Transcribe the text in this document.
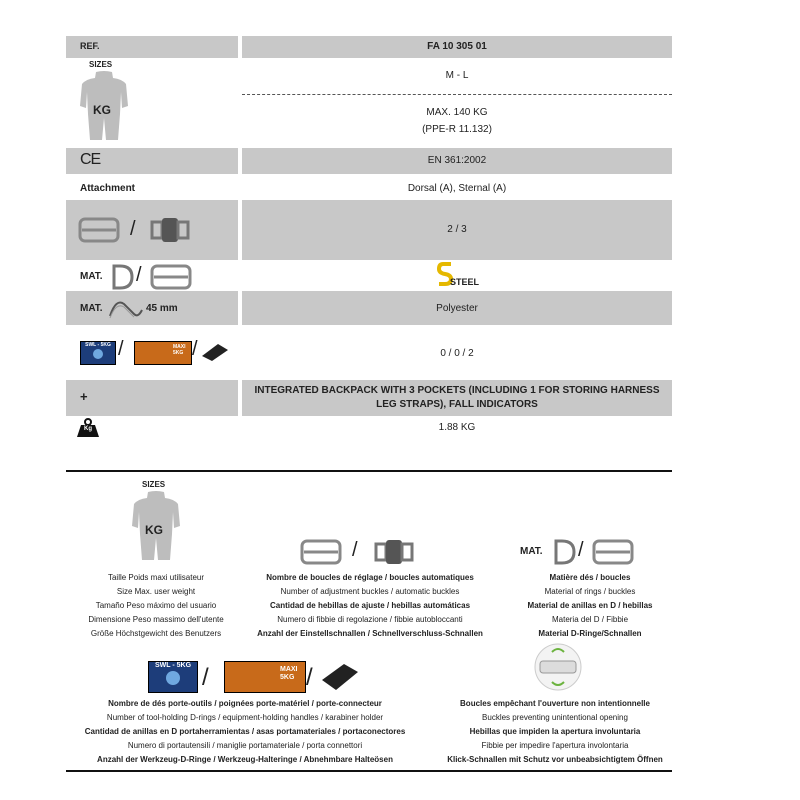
REF.	FA 10 305 01
SIZES
KG
M - L
MAX. 140 KG
(PPE-R 11.132)
CE	EN 361:2002
Attachment	Dorsal (A), Sternal (A)
/	2 / 3
MAT. /	STEEL
MAT.	45 mm	Polyester
SWL - 5KG /	MAXI 5KG /	0 / 0 / 2
+	INTEGRATED BACKPACK WITH 3 POCKETS (INCLUDING 1 FOR STORING HARNESS LEG STRAPS), FALL INDICATORS
Kg	1.88 KG
SIZES
KG
Taille Poids maxi utilisateur
Size Max. user weight
Tamaño Peso máximo del usuario
Dimensione Peso massimo dell'utente
Größe Höchstgewicht des Benutzers
/
Nombre de boucles de réglage / boucles automatiques
Number of adjustment buckles / automatic buckles
Cantidad de hebillas de ajuste / hebillas automáticas
Numero di fibbie di regolazione / fibbie autobloccanti
Anzahl der Einstellschnallen / Schnellverschluss-Schnallen
MAT. /
Matière dés / boucles
Material of rings / buckles
Material de anillas en D / hebillas
Materia del D / Fibbie
Material D-Ringe/Schnallen
SWL - 5KG /	MAXI 5KG /
Nombre de dés porte-outils / poignées porte-matériel / porte-connecteur
Number of tool-holding D-rings / equipment-holding handles / karabiner holder
Cantidad de anillas en D portaherramientas / asas portamateriales / portaconectores
Numero di portautensili / maniglie portamateriale / porta connettori
Anzahl der Werkzeug-D-Ringe / Werkzeug-Halteringe / Abnehmbare Halteösen
Boucles empêchant l'ouverture non intentionnelle
Buckles preventing unintentional opening
Hebillas que impiden la apertura involuntaria
Fibbie per impedire l'apertura involontaria
Klick-Schnallen mit Schutz vor unbeabsichtigtem Öffnen
